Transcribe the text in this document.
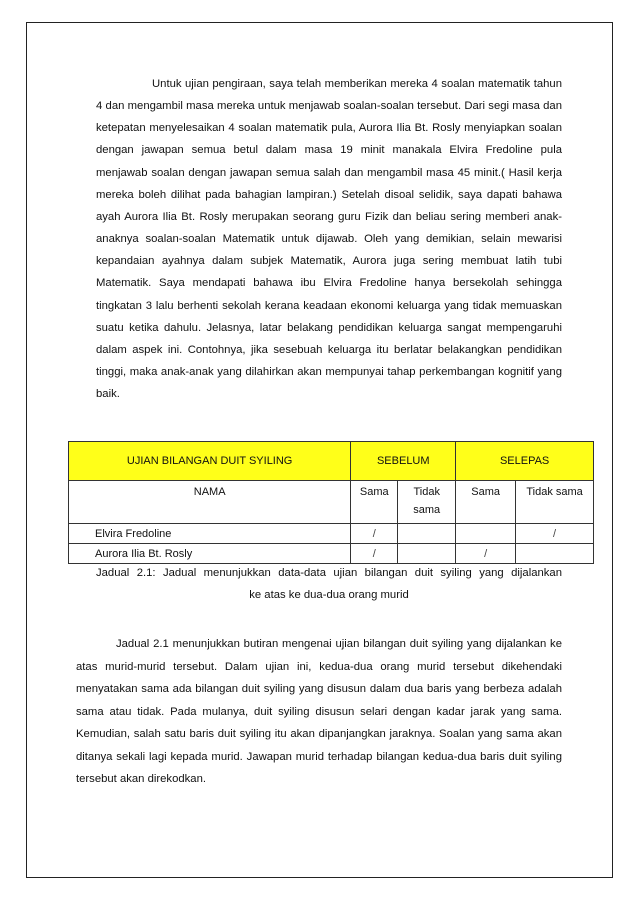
Untuk ujian pengiraan, saya telah memberikan mereka 4 soalan matematik tahun 4 dan mengambil masa mereka untuk menjawab soalan-soalan tersebut. Dari segi masa dan ketepatan menyelesaikan 4 soalan matematik pula, Aurora Ilia Bt. Rosly menyiapkan soalan dengan jawapan semua betul dalam masa 19 minit manakala Elvira Fredoline pula menjawab soalan dengan jawapan semua salah dan mengambil masa 45 minit.( Hasil kerja mereka boleh dilihat pada bahagian lampiran.) Setelah disoal selidik, saya dapati bahawa ayah Aurora Ilia Bt. Rosly merupakan seorang guru Fizik dan beliau sering memberi anak-anaknya soalan-soalan Matematik untuk dijawab. Oleh yang demikian, selain mewarisi kepandaian ayahnya dalam subjek Matematik, Aurora juga sering membuat latih tubi Matematik. Saya mendapati bahawa ibu Elvira Fredoline hanya bersekolah sehingga tingkatan 3 lalu berhenti sekolah kerana keadaan ekonomi keluarga yang tidak memuaskan suatu ketika dahulu. Jelasnya, latar belakang pendidikan keluarga sangat mempengaruhi dalam aspek ini. Contohnya, jika sesebuah keluarga itu berlatar belakangkan pendidikan tinggi, maka anak-anak yang dilahirkan akan mempunyai tahap perkembangan kognitif yang baik.

UJIAN BILANGAN DUIT SYILING	SEBELUM		SELEPAS	
NAMA	Sama	Tidak sama	Sama	Tidak sama
Elvira Fredoline	/			/
Aurora Ilia Bt. Rosly	/		/	

Jadual 2.1: Jadual menunjukkan data-data ujian bilangan duit syiling yang dijalankan
ke atas ke dua-dua orang murid

Jadual 2.1 menunjukkan butiran mengenai ujian bilangan duit syiling yang dijalankan ke atas murid-murid tersebut. Dalam ujian ini, kedua-dua orang murid tersebut dikehendaki menyatakan sama ada bilangan duit syiling yang disusun dalam dua baris yang berbeza adalah sama atau tidak. Pada mulanya, duit syiling disusun selari dengan kadar jarak yang sama. Kemudian, salah satu baris duit syiling itu akan dipanjangkan jaraknya. Soalan yang sama akan ditanya sekali lagi kepada murid. Jawapan murid terhadap bilangan kedua-dua baris duit syiling tersebut akan direkodkan.
